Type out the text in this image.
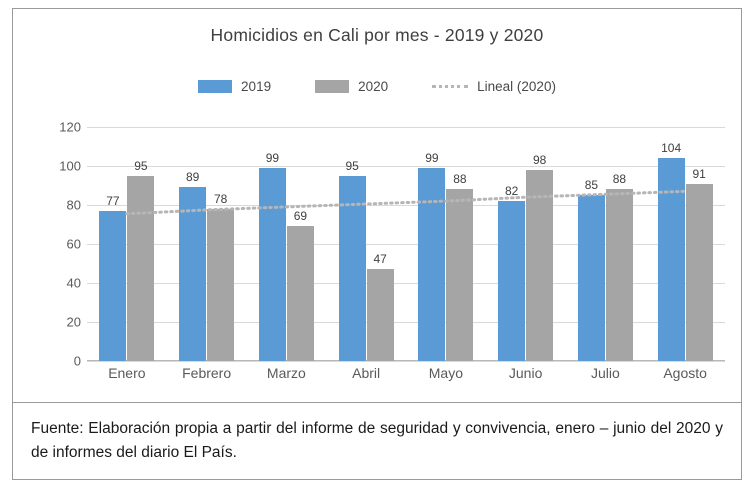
Homicidios en Cali por mes - 2019 y 2020
2019	2020	Lineal (2020)
0
20
40
60
80
100
120
77
95
89
78
99
69
95
47
99
88
82
98
85 88
104
91
Enero	Febrero	Marzo	Abril	Mayo	Junio	Julio	Agosto
Fuente: Elaboración propia a partir del informe de seguridad y convivencia, enero – junio del 2020 y de informes del diario El País.
